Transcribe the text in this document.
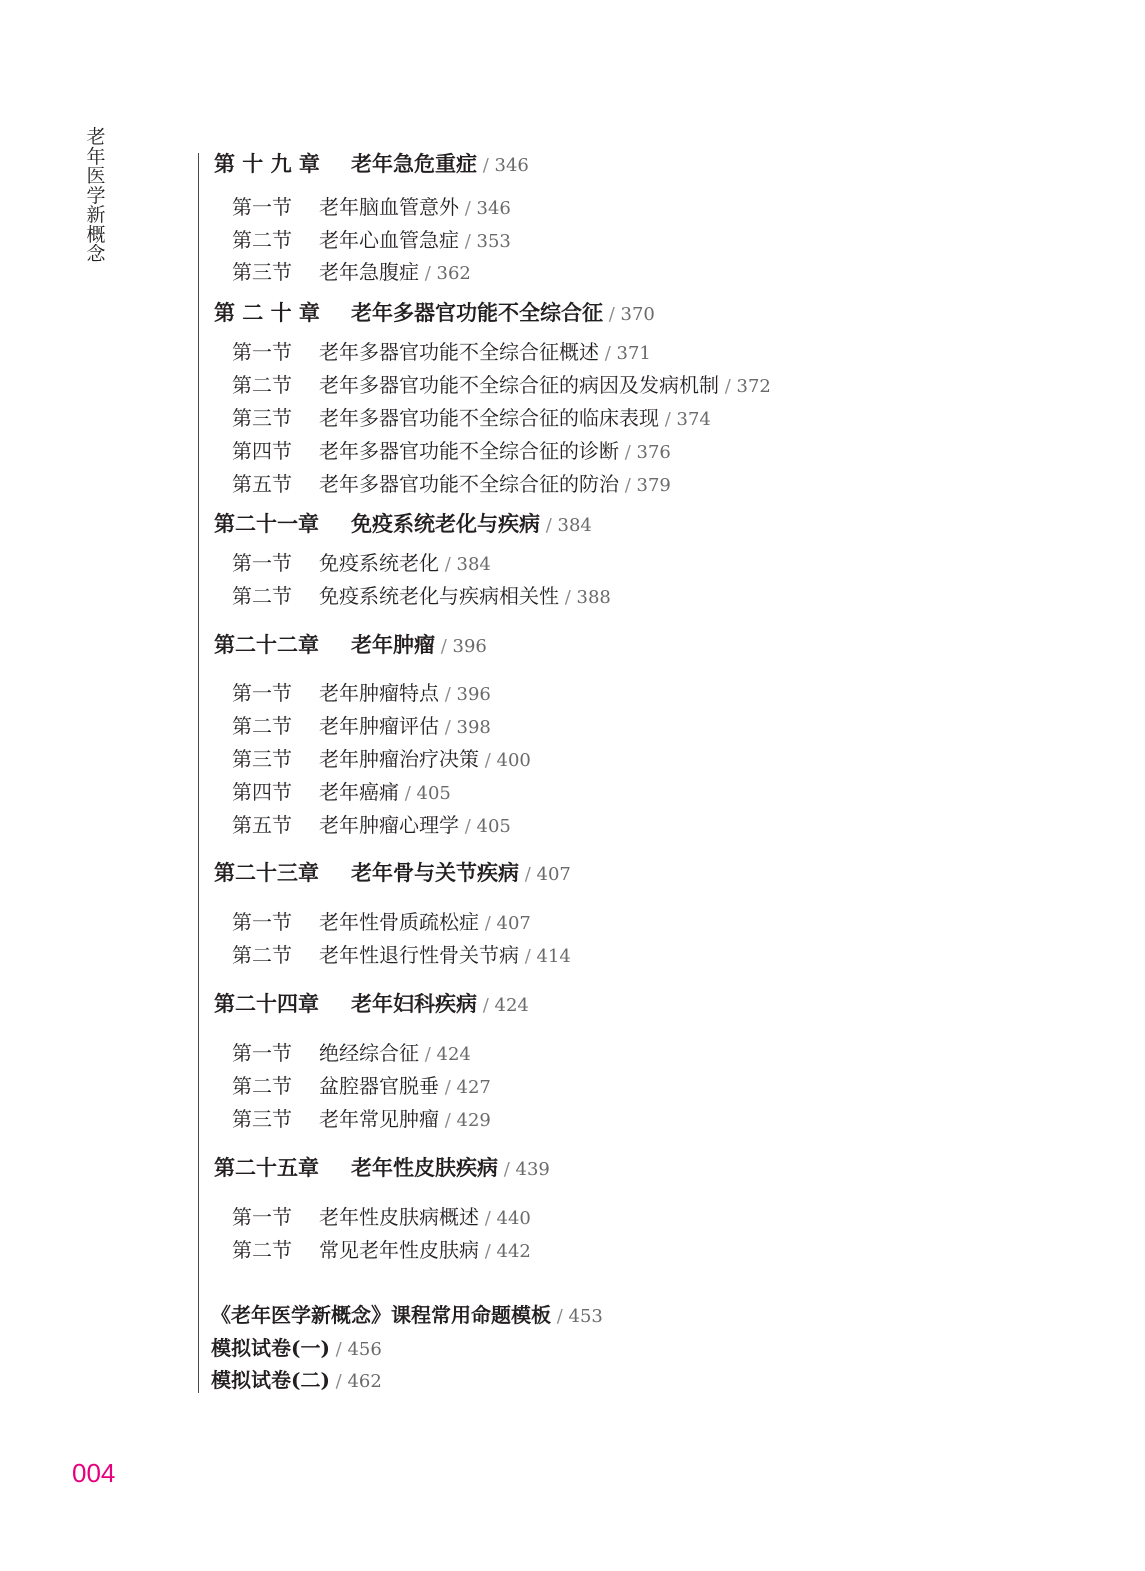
老
年
医
学
新
概
念
第 十 九 章 老年急危重症 / 346
第一节 老年脑血管意外 / 346
第二节 老年心血管急症 / 353
第三节 老年急腹症 / 362
第 二 十 章 老年多器官功能不全综合征 / 370
第一节 老年多器官功能不全综合征概述 / 371
第二节 老年多器官功能不全综合征的病因及发病机制 / 372
第三节 老年多器官功能不全综合征的临床表现 / 374
第四节 老年多器官功能不全综合征的诊断 / 376
第五节 老年多器官功能不全综合征的防治 / 379
第二十一章 免疫系统老化与疾病 / 384
第一节 免疫系统老化 / 384
第二节 免疫系统老化与疾病相关性 / 388
第二十二章 老年肿瘤 / 396
第一节 老年肿瘤特点 / 396
第二节 老年肿瘤评估 / 398
第三节 老年肿瘤治疗决策 / 400
第四节 老年癌痛 / 405
第五节 老年肿瘤心理学 / 405
第二十三章 老年骨与关节疾病 / 407
第一节 老年性骨质疏松症 / 407
第二节 老年性退行性骨关节病 / 414
第二十四章 老年妇科疾病 / 424
第一节 绝经综合征 / 424
第二节 盆腔器官脱垂 / 427
第三节 老年常见肿瘤 / 429
第二十五章 老年性皮肤疾病 / 439
第一节 老年性皮肤病概述 / 440
第二节 常见老年性皮肤病 / 442
《老年医学新概念》课程常用命题模板 / 453
模拟试卷(一) / 456
模拟试卷(二) / 462
004
